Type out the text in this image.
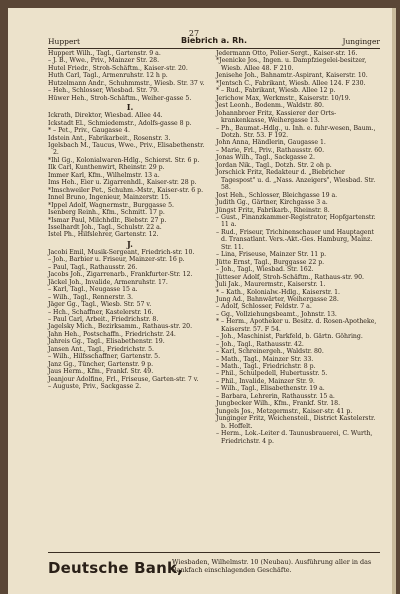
27
Huppert	Biebrich a. Rh.	Junginger
Huppert Wilh., Tagl., Gartenstr. 9 a.
– J. B., Wwe., Priv., Mainzer Str. 28.
Hutel Friedr., Stroh-Schäftm., Kaiser-str. 20.
Huth Carl, Tagl., Armenruhstr. 12 h p.
Hutzelmann Andr., Schuhmmstr., Wiesb. Str. 37 v.
– Heh., Schlosser, Wiesbad. Str. 79.
Hüwer Heh., Stroh-Schäftm., Weiher-gasse 5.
I.
Ickrath, Direktor, Wiesbad. Allee 44.
Ickstadt El., Schmiedemstr., Adolfs-gasse 8 p.
* – Pet., Priv., Gaugasse 4.
Idstein Ant., Fabrikarbeit., Rosenstr. 3.
Igelsbach M., Taucus, Wwe., Priv., Elisabethenstr. 2.
*Ihl Gg., Kolonialwaren-Hdlg., Schierst. Str. 6 p.
Ilk Carl, Kunthenwirt, Rheinstr. 29 p.
Immer Karl, Kfm., Wilhelmstr. 13 a.
Ims Heh., Eier u. Zigarrenhdl., Kaiser-str. 28 p.
*Imschweiler Pet., Schuhm.-Mstr., Kaiser-str. 6 p.
Innel Bruno, Ingenieur, Mainzerstr. 15.
*Ippel Adolf, Wagnermstr., Burggasse 5.
Isenberg Reinh., Kfm., Schmitt. 17 p.
*Ismar Paul, Milchhdlr., Biebstr. 27 p.
Isselhardt Joh., Tagl., Schulstr. 22 a.
Istel Ph., Hilfslehrer, Gartenstr. 12.
J.
Jacobi Emil, Musik-Sergeant, Friedrich-str. 10.
– Joh., Barbier u. Friseur, Mainzer-str. 16 p.
– Paul, Tagl., Rathausstr. 26.
Jacobs Joh., Zigarrenarb., Frankfurter-Str. 12.
Jäckel Joh., Invalide, Armenruhstr. 17.
– Karl, Tagl., Neugasse 15 a.
– Wilh., Tagl., Rennerstr. 3.
Jäger Gg., Tagl., Wiesb. Str. 57 v.
– Hch., Schaffner, Kastelerstr. 16.
– Paul Carl, Arbeit., Friedrichstr. 8.
Jagelsky Mich., Bezirksamm., Rathaus-str. 20.
Jahn Heh., Postschaffn., Friedrichstr. 24.
Jahreis Gg., Tagl., Elisabethenstr. 19.
Jansen Ant., Tagl., Friedrichstr. 5.
– Wilh., Hilfsschaffner, Gartenstr. 5.
Janz Gg., Tüncher, Gartenstr. 9 p.
Jaus Herm., Kfm., Frankf. Str. 49.
Jeanjour Adolfine, Frl., Friseuse, Garten-str. 7 v.
– Auguste, Priv., Sackgasse 2.
Jedermann Otto, Polier-Sergt., Kaiser-str. 16.
*Jeenicke Jos., Ingen. u. Dampfziegelei-besitzer, Wiesb. Allee 48. F 210.
Jenisehe Joh., Bahnamtr.-Aspirant, Kaiserstr. 10.
*Jentsch C., Fabrikant, Wiesb. Allee 124. F 230.
* – Rud., Fabrikant, Wiesb. Allee 12 p.
Jerichow Max, Werkmstr., Kaiserstr. 10/19.
Jest Leonh., Bodenm., Waldstr. 80.
Johannbroer Fritz, Kassierer der Orts-krankenkasse, Weihergasse 13.
– Ph., Baumat.-Hdlg., u. Inh. e. fuhr-wesen, Baum., Dotzh. Str. 53. F 192.
John Anna, Händlerin, Gaugasse 1.
– Marie, Frl., Priv., Rathausstr. 60.
Jonas Wilh., Tagl., Sackgasse 2.
Jordan Nik., Tagl., Dotzh. Str. 2 oh p.
Jorschick Fritz, Redakteur d. „Biebricher Tagespost" u. d. „Nass. Anzeigers", Wiesbad. Str. 58.
Jost Heh., Schlosser, Bleichgasse 19 a.
Judith Gg., Gärtner, Kirchgasse 3 a.
Jüngst Fritz, Fabrikarb., Rheinstr. 8.
– Gust., Finanzkammer-Registrator, Hopfgartenstr. 11 a.
– Rud., Friseur, Trichinenschauer und Hauptagent d. Transatlant. Vers.-Akt.-Ges. Hamburg, Mainz. Str. 11.
– Lina, Friseuse, Mainzer Str. 11 p.
Jütte Ernst, Tagl., Burggasse 22 p.
– Joh., Tagl., Wiesbad. Str. 162.
Jütteser Adolf, Stroh-Schäftm., Rathaus-str. 90.
Juli Jak., Maurermstr., Kaiserstr. 1.
* – Kath., Kolonialw.-Hdlg., Kaiserstr. 1.
Jung Ad., Bahnwärter, Weihergasse 28.
– Adolf, Schlosser, Feldstr. 7 a.
– Gg., Vollziehungsbeamt., Johnstr. 13.
* – Herm., Apotheker u. Besitz. d. Rosen-Apotheke, Kaiserstr. 57. F 54.
– Joh., Maschinist, Parkfeld, b. Gärtn. Göhring.
– Joh., Tagl., Rathausstr. 42.
– Karl, Schreinergeh., Waldstr. 80.
– Math., Tagl., Mainzer Str. 33.
– Math., Tagl., Friedrichstr. 8 p.
– Phil., Schulpedell, Hubertusstr. 5.
– Phil., Invalide, Mainzer Str. 9.
– Wilh., Tagl., Elisabethenstr. 19 a.
– Barbara, Lehrerin, Rathausstr. 15 a.
Jungbecker Wilh., Kfm., Frankf. Str. 18.
Jungels Jos., Metzgermstr., Kaiser-str. 41 p.
Junginger Fritz, Weichensteil., District Kastelerstr. b. Hoffelt.
– Herm., Lok.-Leiter d. Taunusbrauerei, C. Wurth, Friedrichstr. 4 p.
Deutsche Bank,
Wiesbaden, Wilhelmstr. 10 (Neubau). Ausführung aller in das Bankfach einschlagenden Geschäfte.
